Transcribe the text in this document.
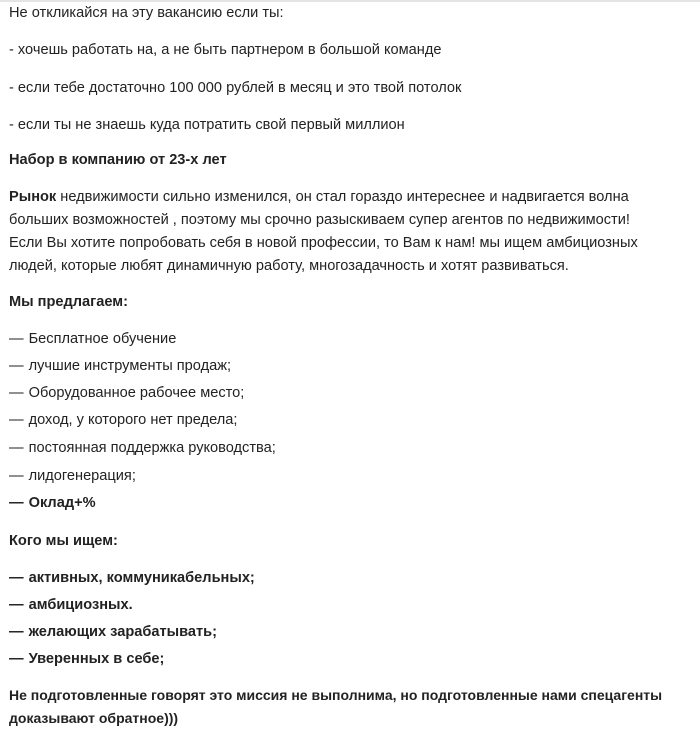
Не откликайся на эту вакансию если ты:
- хочешь работать на, а не быть партнером в большой команде
- если тебе достаточно 100 000 рублей в месяц и это твой потолок
- если ты не знаешь куда потратить свой первый миллион
Набор в компанию от 23-х лет
Рынок недвижимости сильно изменился, он стал гораздо интереснее и надвигается волна
больших возможностей , поэтому мы срочно разыскиваем супер агентов по недвижимости!
Если Вы хотите попробовать себя в новой профессии, то Вам к нам! мы ищем амбициозных
людей, которые любят динамичную работу, многозадачность и хотят развиваться.
Мы предлагаем:
— Бесплатное обучение
— лучшие инструменты продаж;
— Оборудованное рабочее место;
— доход, у которого нет предела;
— постоянная поддержка руководства;
— лидогенерация;
— Оклад+%
Кого мы ищем:
— активных, коммуникабельных;
— амбициозных.
— желающих зарабатывать;
— Уверенных в себе;
Не подготовленные говорят это миссия не выполнима, но подготовленные нами спецагенты
доказывают обратное)))
